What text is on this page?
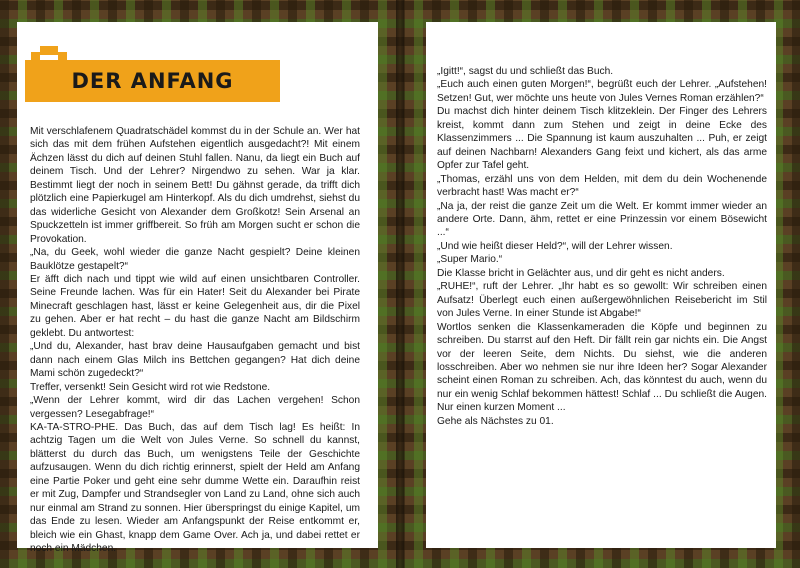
DER ANFANG

Mit verschlafenem Quadratschädel kommst du in der Schule an. Wer hat sich das mit dem frühen Aufstehen eigentlich ausgedacht?! Mit einem Ächzen lässt du dich auf deinen Stuhl fallen. Nanu, da liegt ein Buch auf deinem Tisch. Und der Lehrer? Nirgendwo zu sehen. War ja klar. Bestimmt liegt der noch in seinem Bett! Du gähnst gerade, da trifft dich plötzlich eine Papierkugel am Hinterkopf. Als du dich umdrehst, siehst du das widerliche Gesicht von Alexander dem Großkotz! Sein Arsenal an Spuckzetteln ist immer griffbereit. So früh am Morgen sucht er schon die Provokation.

„Na, du Geek, wohl wieder die ganze Nacht gespielt? Deine kleinen Bauklötze gestapelt?“

Er äfft dich nach und tippt wie wild auf einen unsichtbaren Controller. Seine Freunde lachen. Was für ein Hater! Seit du Alexander bei Pirate Minecraft geschlagen hast, lässt er keine Gelegenheit aus, dir die Pixel zu gehen. Aber er hat recht – du hast die ganze Nacht am Bildschirm geklebt. Du antwortest:

„Und du, Alexander, hast brav deine Hausaufgaben gemacht und bist dann nach einem Glas Milch ins Bettchen gegangen? Hat dich deine Mami schön zugedeckt?“

Treffer, versenkt! Sein Gesicht wird rot wie Redstone.

„Wenn der Lehrer kommt, wird dir das Lachen vergehen! Schon vergessen? Lesegabfrage!“

KA-TA-STRO-PHE. Das Buch, das auf dem Tisch lag! Es heißt: In achtzig Tagen um die Welt von Jules Verne. So schnell du kannst, blätterst du durch das Buch, um wenigstens Teile der Geschichte aufzusaugen. Wenn du dich richtig erinnerst, spielt der Held am Anfang eine Partie Poker und geht eine sehr dumme Wette ein. Daraufhin reist er mit Zug, Dampfer und Strandsegler von Land zu Land, ohne sich auch nur einmal am Strand zu sonnen. Hier überspringst du einige Kapitel, um das Ende zu lesen. Wieder am Anfangspunkt der Reise entkommt er, bleich wie ein Ghast, knapp dem Game Over. Ach ja, und dabei rettet er noch ein Mädchen.

„Igitt!“, sagst du und schließt das Buch.

„Euch auch einen guten Morgen!“, begrüßt euch der Lehrer. „Aufstehen! Setzen! Gut, wer möchte uns heute von Jules Vernes Roman erzählen?“

Du machst dich hinter deinem Tisch klitzeklein. Der Finger des Lehrers kreist, kommt dann zum Stehen und zeigt in deine Ecke des Klassenzimmers ... Die Spannung ist kaum auszuhalten ... Puh, er zeigt auf deinen Nachbarn! Alexanders Gang feixt und kichert, als das arme Opfer zur Tafel geht.

„Thomas, erzähl uns von dem Helden, mit dem du dein Wochenende verbracht hast! Was macht er?“

„Na ja, der reist die ganze Zeit um die Welt. Er kommt immer wieder an andere Orte. Dann, ähm, rettet er eine Prinzessin vor einem Bösewicht ...“

„Und wie heißt dieser Held?“, will der Lehrer wissen.

„Super Mario.“

Die Klasse bricht in Gelächter aus, und dir geht es nicht anders.

„RUHE!“, ruft der Lehrer. „Ihr habt es so gewollt: Wir schreiben einen Aufsatz! Überlegt euch einen außergewöhnlichen Reisebericht im Stil von Jules Verne. In einer Stunde ist Abgabe!“

Wortlos senken die Klassenkameraden die Köpfe und beginnen zu schreiben. Du starrst auf den Heft. Dir fällt rein gar nichts ein. Die Angst vor der leeren Seite, dem Nichts. Du siehst, wie die anderen losschreiben. Aber wo nehmen sie nur ihre Ideen her? Sogar Alexander scheint einen Roman zu schreiben. Ach, das könntest du auch, wenn du nur ein wenig Schlaf bekommen hättest! Schlaf ... Du schließt die Augen. Nur einen kurzen Moment ...

Gehe als Nächstes zu 01.
